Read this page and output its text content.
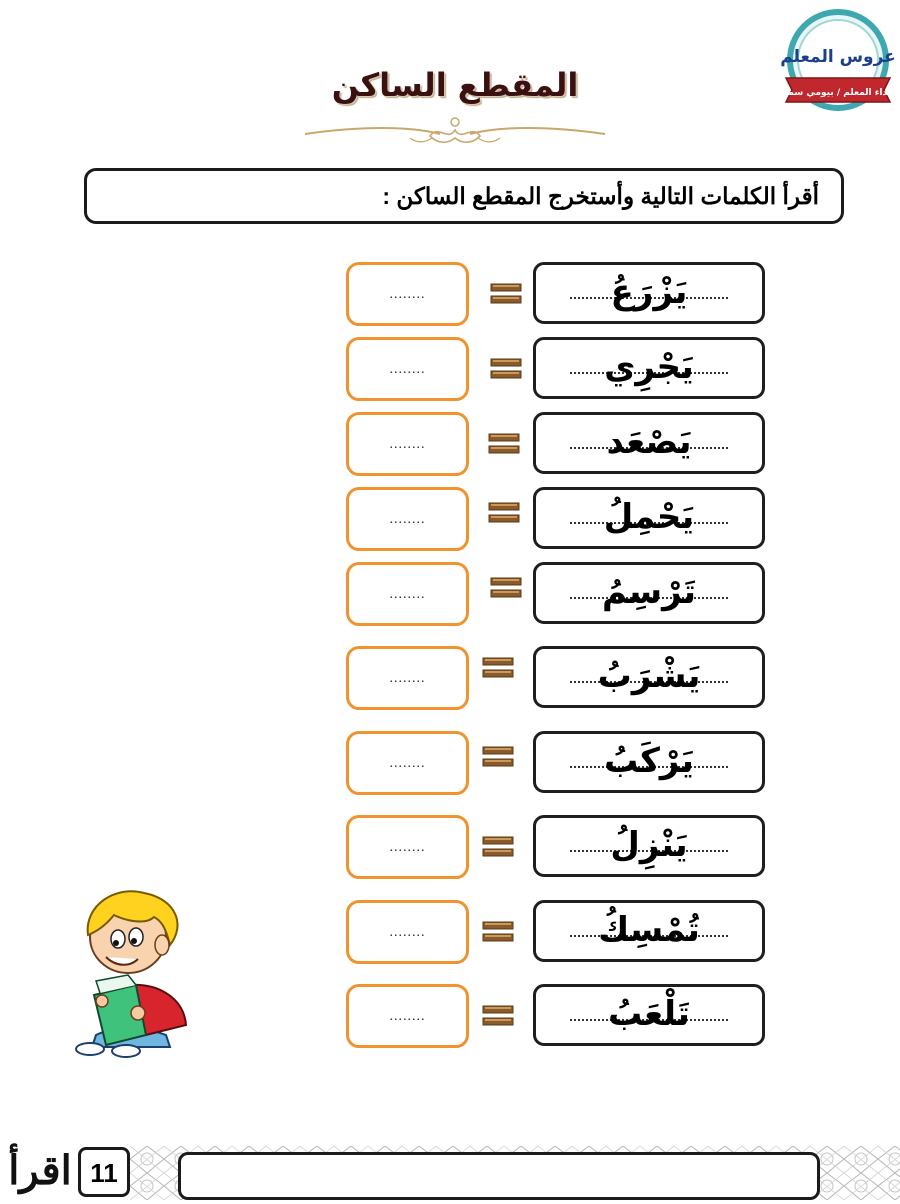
عروس المعلم
اهداء المعلم / بيومي سمير
المقطع الساكن
أقرأ الكلمات التالية وأستخرج المقطع الساكن :
........	يَزْرَعُ
........	يَجْرِي
........	يَصْعَد
........	يَحْمِلُ
........	تَرْسِمُ
........	يَشْرَبُ
........	يَرْكَبُ
........	يَنْزِلُ
........	تُمْسِكُ
........	تَلْعَبُ
11
اقرأ
